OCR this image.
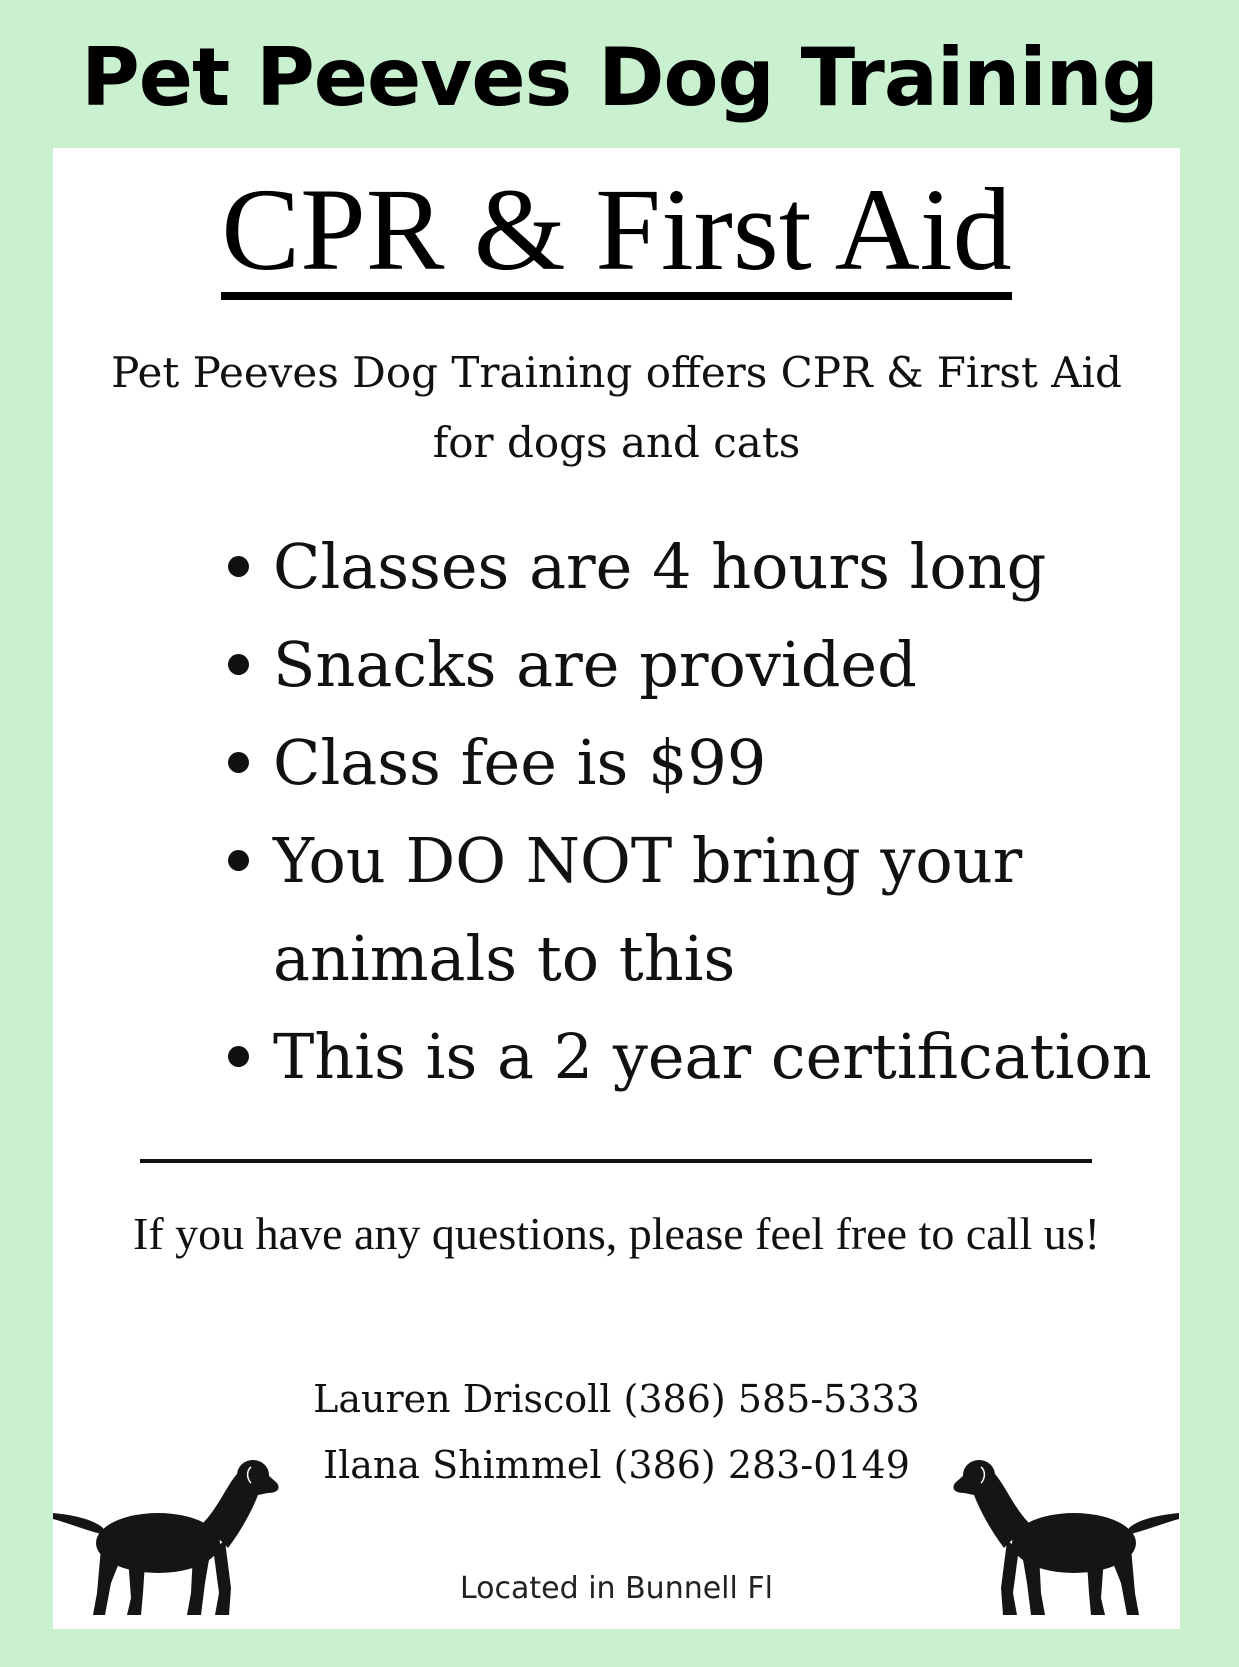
Pet Peeves Dog Training
CPR & First Aid
Pet Peeves Dog Training offers CPR & First Aid for dogs and cats
Classes are 4 hours long
Snacks are provided
Class fee is $99
You DO NOT bring your animals to this
This is a 2 year certification
If you have any questions, please feel free to call us!
Lauren Driscoll (386) 585-5333
Ilana Shimmel (386) 283-0149
Located in Bunnell Fl
